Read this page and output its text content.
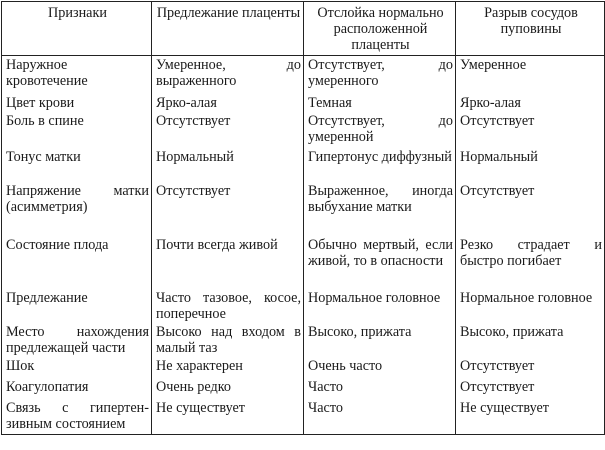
Признаки	Предлежание плаценты	Отслойка нормально расположенной плаценты	Разрыв сосудов пуповины
Наружное кровотечение	Умеренное, до выраженного	Отсутствует, до умеренного	Умеренное
Цвет крови	Ярко-алая	Темная	Ярко-алая
Боль в спине	Отсутствует	Отсутствует, до умеренной	Отсутствует
Тонус матки	Нормальный	Гипертонус диффузный	Нормальный
Напряжение матки (асимметрия)	Отсутствует	Выраженное, иногда выбухание матки	Отсутствует
Состояние плода	Почти всегда живой	Обычно мертвый, если живой, то в опасности	Резко страдает и быстро погибает
Предлежание	Часто тазовое, косое, поперечное	Нормальное головное	Нормальное головное
Место нахождения предлежащей части	Высоко над входом в малый таз	Высоко, прижата	Высоко, прижата
Шок	Не характерен	Очень часто	Отсутствует
Коагулопатия	Очень редко	Часто	Отсутствует
Связь с гипертен-зивным состоянием	Не существует	Часто	Не существует
